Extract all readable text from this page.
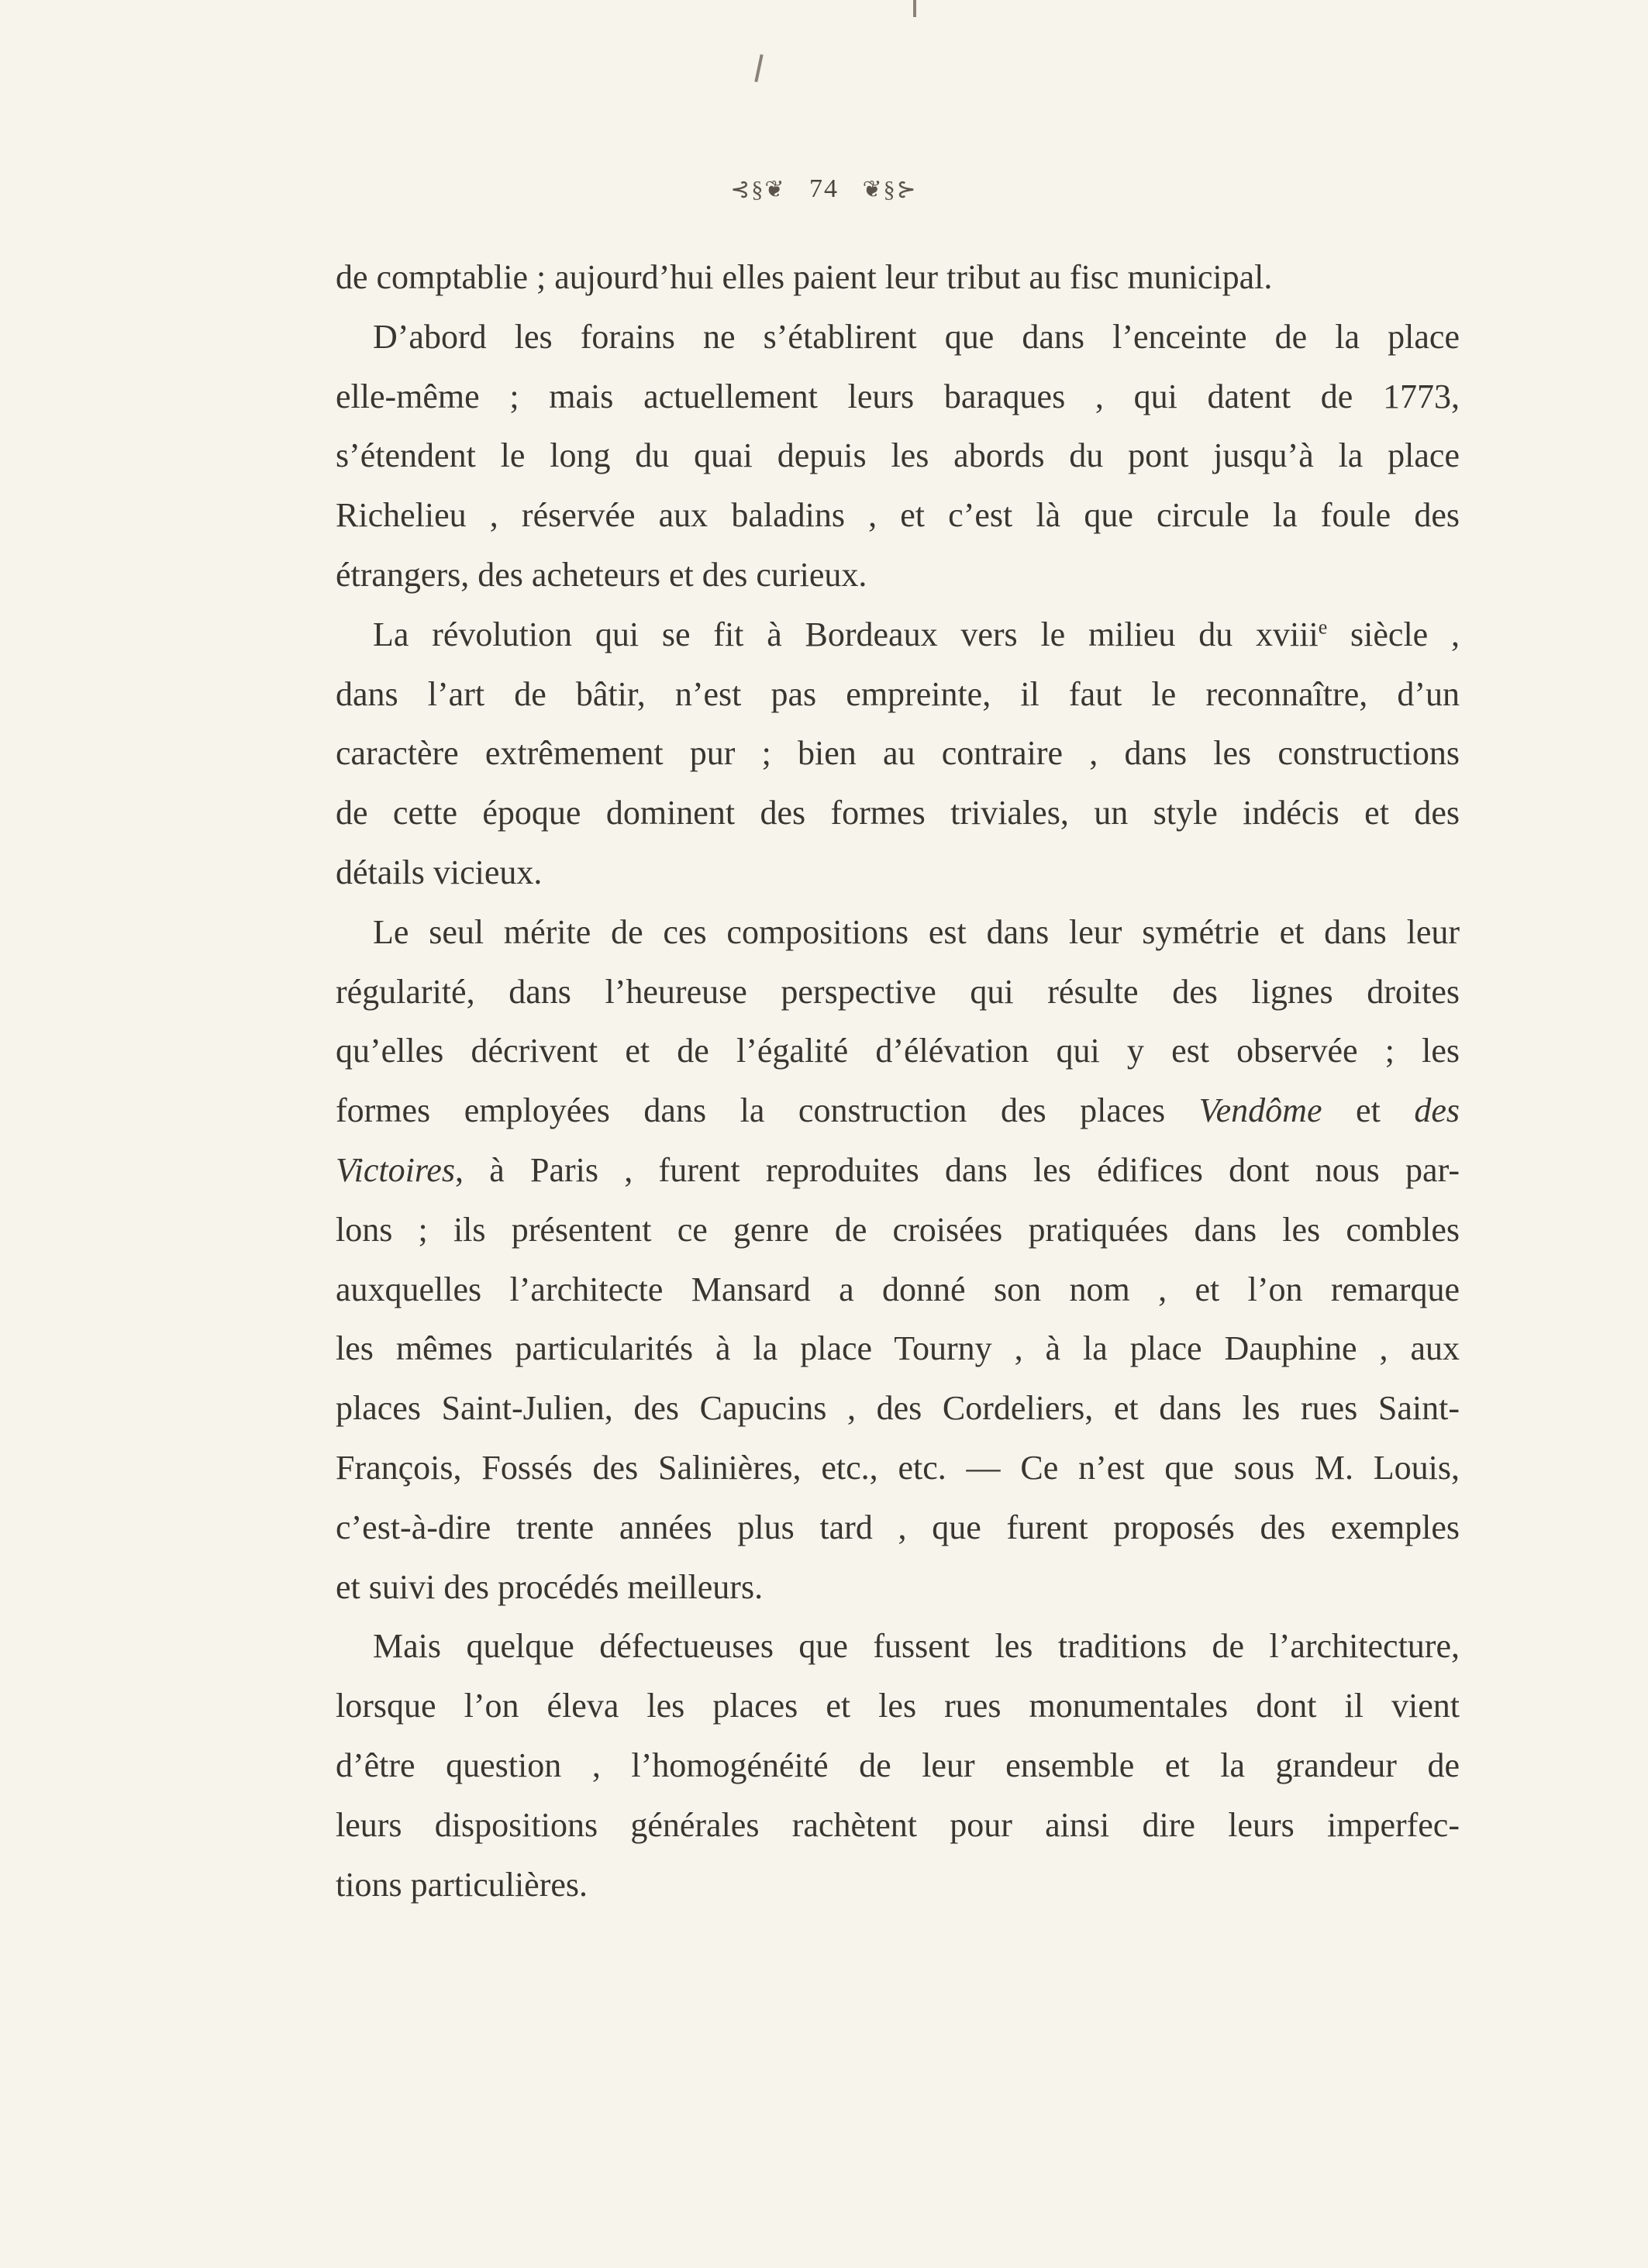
⊰§❦ 74 ❦§⊱
de comptablie ; aujourd’hui elles paient leur tribut au fisc municipal.
D’abord les forains ne s’établirent que dans l’enceinte de la place
elle-même ; mais actuellement leurs baraques , qui datent de 1773,
s’étendent le long du quai depuis les abords du pont jusqu’à la place
Richelieu , réservée aux baladins , et c’est là que circule la foule des
étrangers, des acheteurs et des curieux.
La révolution qui se fit à Bordeaux vers le milieu du xviii$^e$ siècle ,
dans l’art de bâtir, n’est pas empreinte, il faut le reconnaître, d’un
caractère extrêmement pur ; bien au contraire , dans les constructions
de cette époque dominent des formes triviales, un style indécis et des
détails vicieux.
Le seul mérite de ces compositions est dans leur symétrie et dans leur
régularité, dans l’heureuse perspective qui résulte des lignes droites
qu’elles décrivent et de l’égalité d’élévation qui y est observée ; les
formes employées dans la construction des places Vendôme et des
Victoires, à Paris , furent reproduites dans les édifices dont nous par-
lons ; ils présentent ce genre de croisées pratiquées dans les combles
auxquelles l’architecte Mansard a donné son nom , et l’on remarque
les mêmes particularités à la place Tourny , à la place Dauphine , aux
places Saint-Julien, des Capucins , des Cordeliers, et dans les rues Saint-
François, Fossés des Salinières, etc., etc. — Ce n’est que sous M. Louis,
c’est-à-dire trente années plus tard , que furent proposés des exemples
et suivi des procédés meilleurs.
Mais quelque défectueuses que fussent les traditions de l’architecture,
lorsque l’on éleva les places et les rues monumentales dont il vient
d’être question , l’homogénéité de leur ensemble et la grandeur de
leurs dispositions générales rachètent pour ainsi dire leurs imperfec-
tions particulières.
